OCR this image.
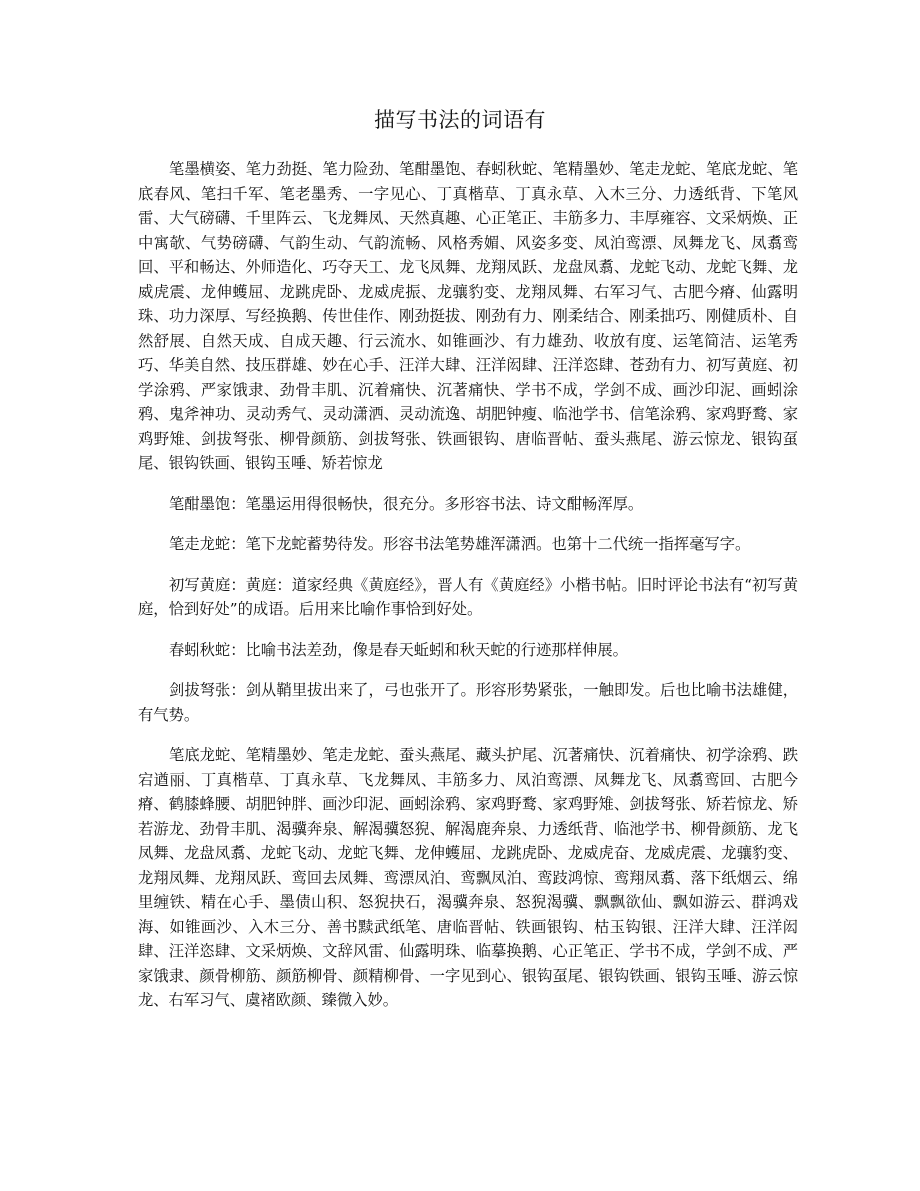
描写书法的词语有

笔墨横姿、笔力劲挺、笔力险劲、笔酣墨饱、春蚓秋蛇、笔精墨妙、笔走龙蛇、笔底龙蛇、笔底春风、笔扫千军、笔老墨秀、一字见心、丁真楷草、丁真永草、入木三分、力透纸背、下笔风雷、大气磅礴、千里阵云、飞龙舞凤、天然真趣、心正笔正、丰筋多力、丰厚雍容、文采炳焕、正中寓欹、气势磅礴、气韵生动、气韵流畅、风格秀媚、风姿多变、凤泊鸾漂、凤舞龙飞、凤翥鸾回、平和畅达、外师造化、巧夺天工、龙飞凤舞、龙翔凤跃、龙盘凤翥、龙蛇飞动、龙蛇飞舞、龙威虎震、龙伸蠖屈、龙跳虎卧、龙威虎振、龙骧豹变、龙翔凤舞、右军习气、古肥今瘠、仙露明珠、功力深厚、写经换鹅、传世佳作、刚劲挺拔、刚劲有力、刚柔结合、刚柔拙巧、刚健质朴、自然舒展、自然天成、自成天趣、行云流水、如锥画沙、有力雄劲、收放有度、运笔简洁、运笔秀巧、华美自然、技压群雄、妙在心手、汪洋大肆、汪洋闳肆、汪洋恣肆、苍劲有力、初写黄庭、初学涂鸦、严家饿隶、劲骨丰肌、沉着痛快、沉著痛快、学书不成，学剑不成、画沙印泥、画蚓涂鸦、鬼斧神功、灵动秀气、灵动潇洒、灵动流逸、胡肥钟瘦、临池学书、信笔涂鸦、家鸡野鹜、家鸡野雉、剑拔弩张、柳骨颜筋、剑拔弩张、铁画银钩、唐临晋帖、蚕头燕尾、游云惊龙、银钩虿尾、银钩铁画、银钩玉唾、矫若惊龙

笔酣墨饱：笔墨运用得很畅快，很充分。多形容书法、诗文酣畅浑厚。

笔走龙蛇：笔下龙蛇蓄势待发。形容书法笔势雄浑潇洒。也第十二代统一指挥毫写字。

初写黄庭：黄庭：道家经典《黄庭经》，晋人有《黄庭经》小楷书帖。旧时评论书法有“初写黄庭，恰到好处”的成语。后用来比喻作事恰到好处。

春蚓秋蛇：比喻书法差劲，像是春天蚯蚓和秋天蛇的行迹那样伸展。

剑拔弩张：剑从鞘里拔出来了，弓也张开了。形容形势紧张，一触即发。后也比喻书法雄健，有气势。

笔底龙蛇、笔精墨妙、笔走龙蛇、蚕头燕尾、藏头护尾、沉著痛快、沉着痛快、初学涂鸦、跌宕遒丽、丁真楷草、丁真永草、飞龙舞凤、丰筋多力、凤泊鸾漂、凤舞龙飞、凤翥鸾回、古肥今瘠、鹤膝蜂腰、胡肥钟胖、画沙印泥、画蚓涂鸦、家鸡野鹜、家鸡野雉、剑拔弩张、矫若惊龙、矫若游龙、劲骨丰肌、渴骥奔泉、解渴骥怒猊、解渴鹿奔泉、力透纸背、临池学书、柳骨颜筋、龙飞凤舞、龙盘凤翥、龙蛇飞动、龙蛇飞舞、龙伸蠖屈、龙跳虎卧、龙威虎奋、龙威虎震、龙骧豹变、龙翔凤舞、龙翔凤跃、鸾回去凤舞、鸾漂凤泊、鸾飘凤泊、鸾跂鸿惊、鸾翔凤翥、落下纸烟云、绵里缠铁、精在心手、墨债山积、怒猊抉石，渴骥奔泉、怒猊渴骥、飘飘欲仙、飘如游云、群鸿戏海、如锥画沙、入木三分、善书黩武纸笔、唐临晋帖、铁画银钩、枯玉钩银、汪洋大肆、汪洋闳肆、汪洋恣肆、文采炳焕、文辞风雷、仙露明珠、临摹换鹅、心正笔正、学书不成，学剑不成、严家饿隶、颜骨柳筋、颜筋柳骨、颜精柳骨、一字见到心、银钩虿尾、银钩铁画、银钩玉唾、游云惊龙、右军习气、虞褚欧颜、臻微入妙。
